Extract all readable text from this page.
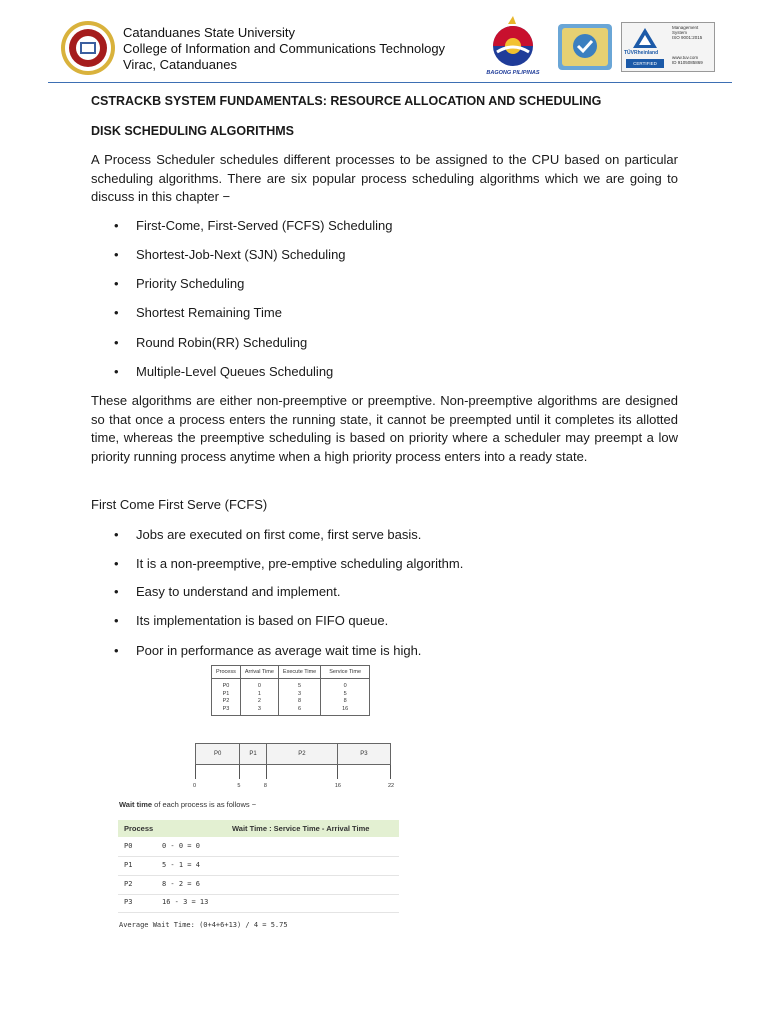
Catanduanes State University
College of Information and Communications Technology
Virac, Catanduanes
BAGONG PILIPINAS
TÜVRheinland
CERTIFIED
Management
System
ISO 9001:2015
www.tuv.com
ID 9105085869
CSTRACKB SYSTEM FUNDAMENTALS: RESOURCE ALLOCATION AND SCHEDULING
DISK SCHEDULING ALGORITHMS
A Process Scheduler schedules different processes to be assigned to the CPU based on particular scheduling algorithms. There are six popular process scheduling algorithms which we are going to discuss in this chapter −
• First-Come, First-Served (FCFS) Scheduling
• Shortest-Job-Next (SJN) Scheduling
• Priority Scheduling
• Shortest Remaining Time
• Round Robin(RR) Scheduling
• Multiple-Level Queues Scheduling
These algorithms are either non-preemptive or preemptive. Non-preemptive algorithms are designed so that once a process enters the running state, it cannot be preempted until it completes its allotted time, whereas the preemptive scheduling is based on priority where a scheduler may preempt a low priority running process anytime when a high priority process enters into a ready state.
First Come First Serve (FCFS)
• Jobs are executed on first come, first serve basis.
• It is a non-preemptive, pre-emptive scheduling algorithm.
• Easy to understand and implement.
• Its implementation is based on FIFO queue.
• Poor in performance as average wait time is high.
Process	Arrival Time	Execute Time	Service Time
P0	0	5	0
P1	1	3	5
P2	2	8	8
P3	3	6	16
P0	P1	P2	P3
0	5	8	16	22
Wait time of each process is as follows −
Process	Wait Time : Service Time - Arrival Time
P0	0 - 0 = 0
P1	5 - 1 = 4
P2	8 - 2 = 6
P3	16 - 3 = 13
Average Wait Time: (0+4+6+13) / 4 = 5.75
